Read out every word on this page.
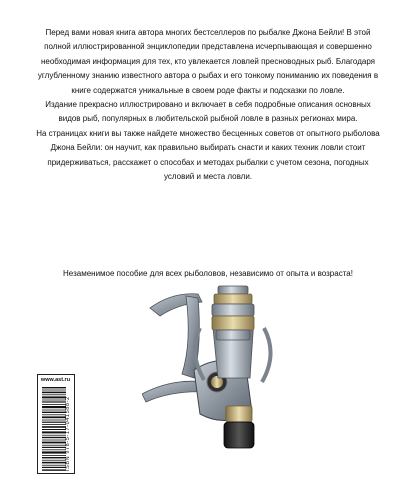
Перед вами новая книга автора многих бестселлеров по рыбалке Джона Бейли! В этой полной иллюстрированной энциклопедии представлена исчерпывающая и совершенно необходимая информация для тех, кто увлекается ловлей пресноводных рыб. Благодаря углубленному знанию известного автора о рыбах и его тонкому пониманию их поведения в книге содержатся уникальные в своем роде факты и подсказки по ловле.

Издание прекрасно иллюстрировано и включает в себя подробные описания основных видов рыб, популярных в любительской рыбной ловле в разных регионах мира.

На страницах книги вы также найдете множество бесценных советов от опытного рыболова Джона Бейли: он научит, как правильно выбирать снасти и каких техник ловли стоит придерживаться, расскажет о способах и методах рыбалки с учетом сезона, погодных условий и места ловли.

Незаменимое пособие для всех рыболовов, независимо от опыта и возраста!

www.ast.ru
ISBN 978-5-17-041588-2
